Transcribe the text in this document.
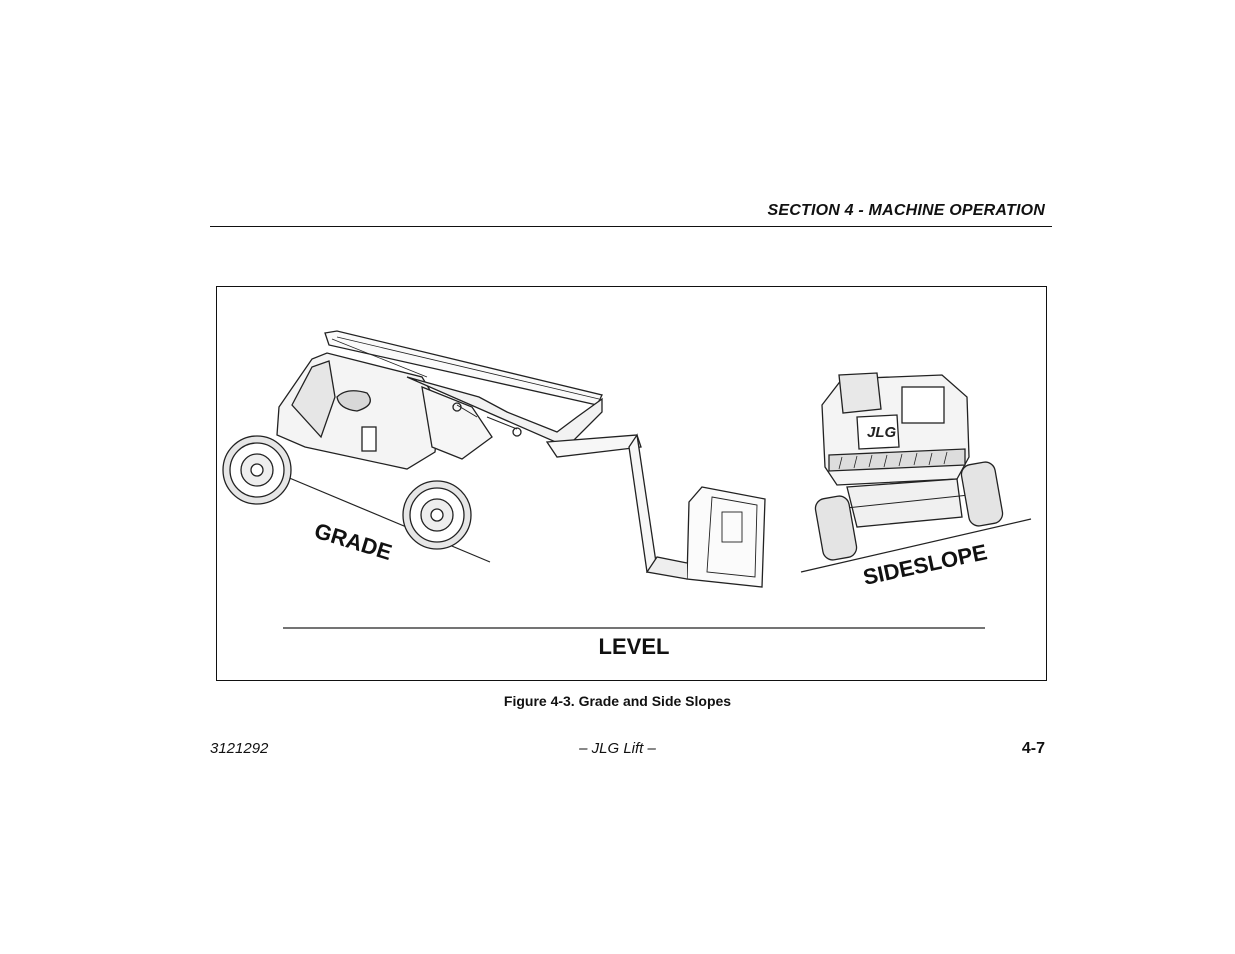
SECTION 4 - MACHINE OPERATION
GRADE
JLG
SIDESLOPE
LEVEL
Figure 4-3. Grade and Side Slopes
3121292	– JLG Lift –	4-7
